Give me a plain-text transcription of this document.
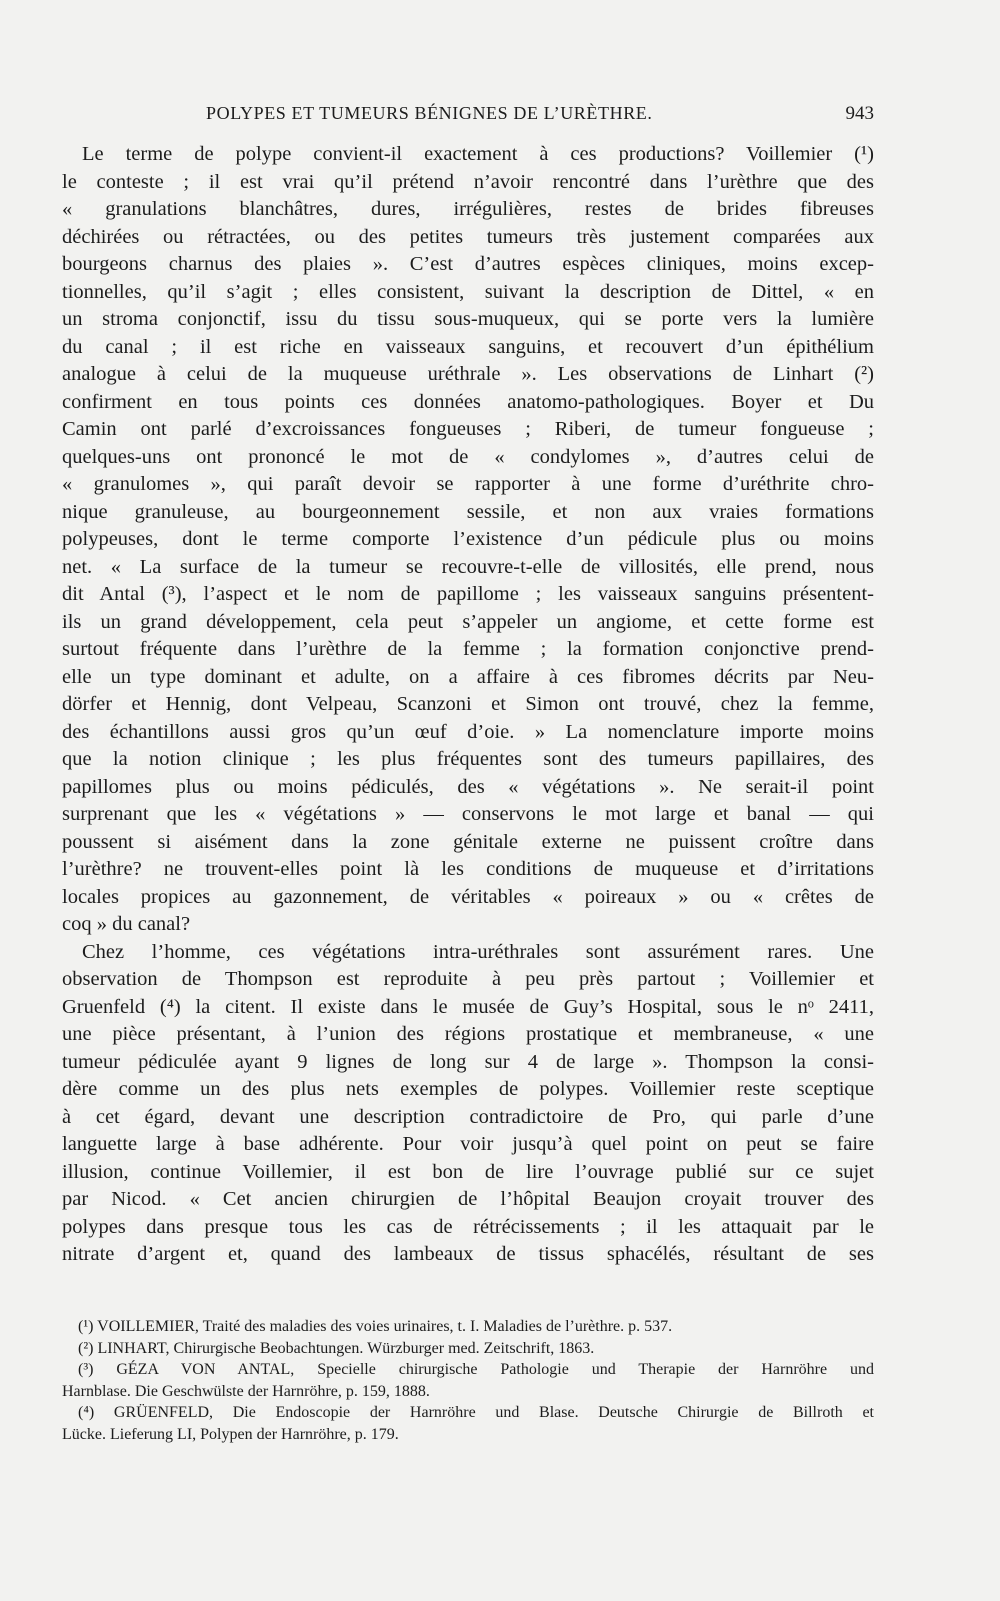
POLYPES ET TUMEURS BÉNIGNES DE L’URÈTHRE.	943
Le terme de polype convient-il exactement à ces productions? Voillemier (¹)
le conteste ; il est vrai qu’il prétend n’avoir rencontré dans l’urèthre que des
« granulations blanchâtres, dures, irrégulières, restes de brides fibreuses
déchirées ou rétractées, ou des petites tumeurs très justement comparées aux
bourgeons charnus des plaies ». C’est d’autres espèces cliniques, moins excep-
tionnelles, qu’il s’agit ; elles consistent, suivant la description de Dittel, « en
un stroma conjonctif, issu du tissu sous-muqueux, qui se porte vers la lumière
du canal ; il est riche en vaisseaux sanguins, et recouvert d’un épithélium
analogue à celui de la muqueuse uréthrale ». Les observations de Linhart (²)
confirment en tous points ces données anatomo-pathologiques. Boyer et Du
Camin ont parlé d’excroissances fongueuses ; Riberi, de tumeur fongueuse ;
quelques-uns ont prononcé le mot de « condylomes », d’autres celui de
« granulomes », qui paraît devoir se rapporter à une forme d’uréthrite chro-
nique granuleuse, au bourgeonnement sessile, et non aux vraies formations
polypeuses, dont le terme comporte l’existence d’un pédicule plus ou moins
net. « La surface de la tumeur se recouvre-t-elle de villosités, elle prend, nous
dit Antal (³), l’aspect et le nom de papillome ; les vaisseaux sanguins présentent-
ils un grand développement, cela peut s’appeler un angiome, et cette forme est
surtout fréquente dans l’urèthre de la femme ; la formation conjonctive prend-
elle un type dominant et adulte, on a affaire à ces fibromes décrits par Neu-
dörfer et Hennig, dont Velpeau, Scanzoni et Simon ont trouvé, chez la femme,
des échantillons aussi gros qu’un œuf d’oie. » La nomenclature importe moins
que la notion clinique ; les plus fréquentes sont des tumeurs papillaires, des
papillomes plus ou moins pédiculés, des « végétations ». Ne serait-il point
surprenant que les « végétations » — conservons le mot large et banal — qui
poussent si aisément dans la zone génitale externe ne puissent croître dans
l’urèthre? ne trouvent-elles point là les conditions de muqueuse et d’irritations
locales propices au gazonnement, de véritables « poireaux » ou « crêtes de
coq » du canal?
Chez l’homme, ces végétations intra-uréthrales sont assurément rares. Une
observation de Thompson est reproduite à peu près partout ; Voillemier et
Gruenfeld (⁴) la citent. Il existe dans le musée de Guy’s Hospital, sous le nᵒ 2411,
une pièce présentant, à l’union des régions prostatique et membraneuse, « une
tumeur pédiculée ayant 9 lignes de long sur 4 de large ». Thompson la consi-
dère comme un des plus nets exemples de polypes. Voillemier reste sceptique
à cet égard, devant une description contradictoire de Pro, qui parle d’une
languette large à base adhérente. Pour voir jusqu’à quel point on peut se faire
illusion, continue Voillemier, il est bon de lire l’ouvrage publié sur ce sujet
par Nicod. « Cet ancien chirurgien de l’hôpital Beaujon croyait trouver des
polypes dans presque tous les cas de rétrécissements ; il les attaquait par le
nitrate d’argent et, quand des lambeaux de tissus sphacélés, résultant de ses
(¹) VOILLEMIER, Traité des maladies des voies urinaires, t. I. Maladies de l’urèthre. p. 537.
(²) LINHART, Chirurgische Beobachtungen. Würzburger med. Zeitschrift, 1863.
(³) GÉZA VON ANTAL, Specielle chirurgische Pathologie und Therapie der Harnröhre und
Harnblase. Die Geschwülste der Harnröhre, p. 159, 1888.
(⁴) GRÜENFELD, Die Endoscopie der Harnröhre und Blase. Deutsche Chirurgie de Billroth et
Lücke. Lieferung LI, Polypen der Harnröhre, p. 179.
